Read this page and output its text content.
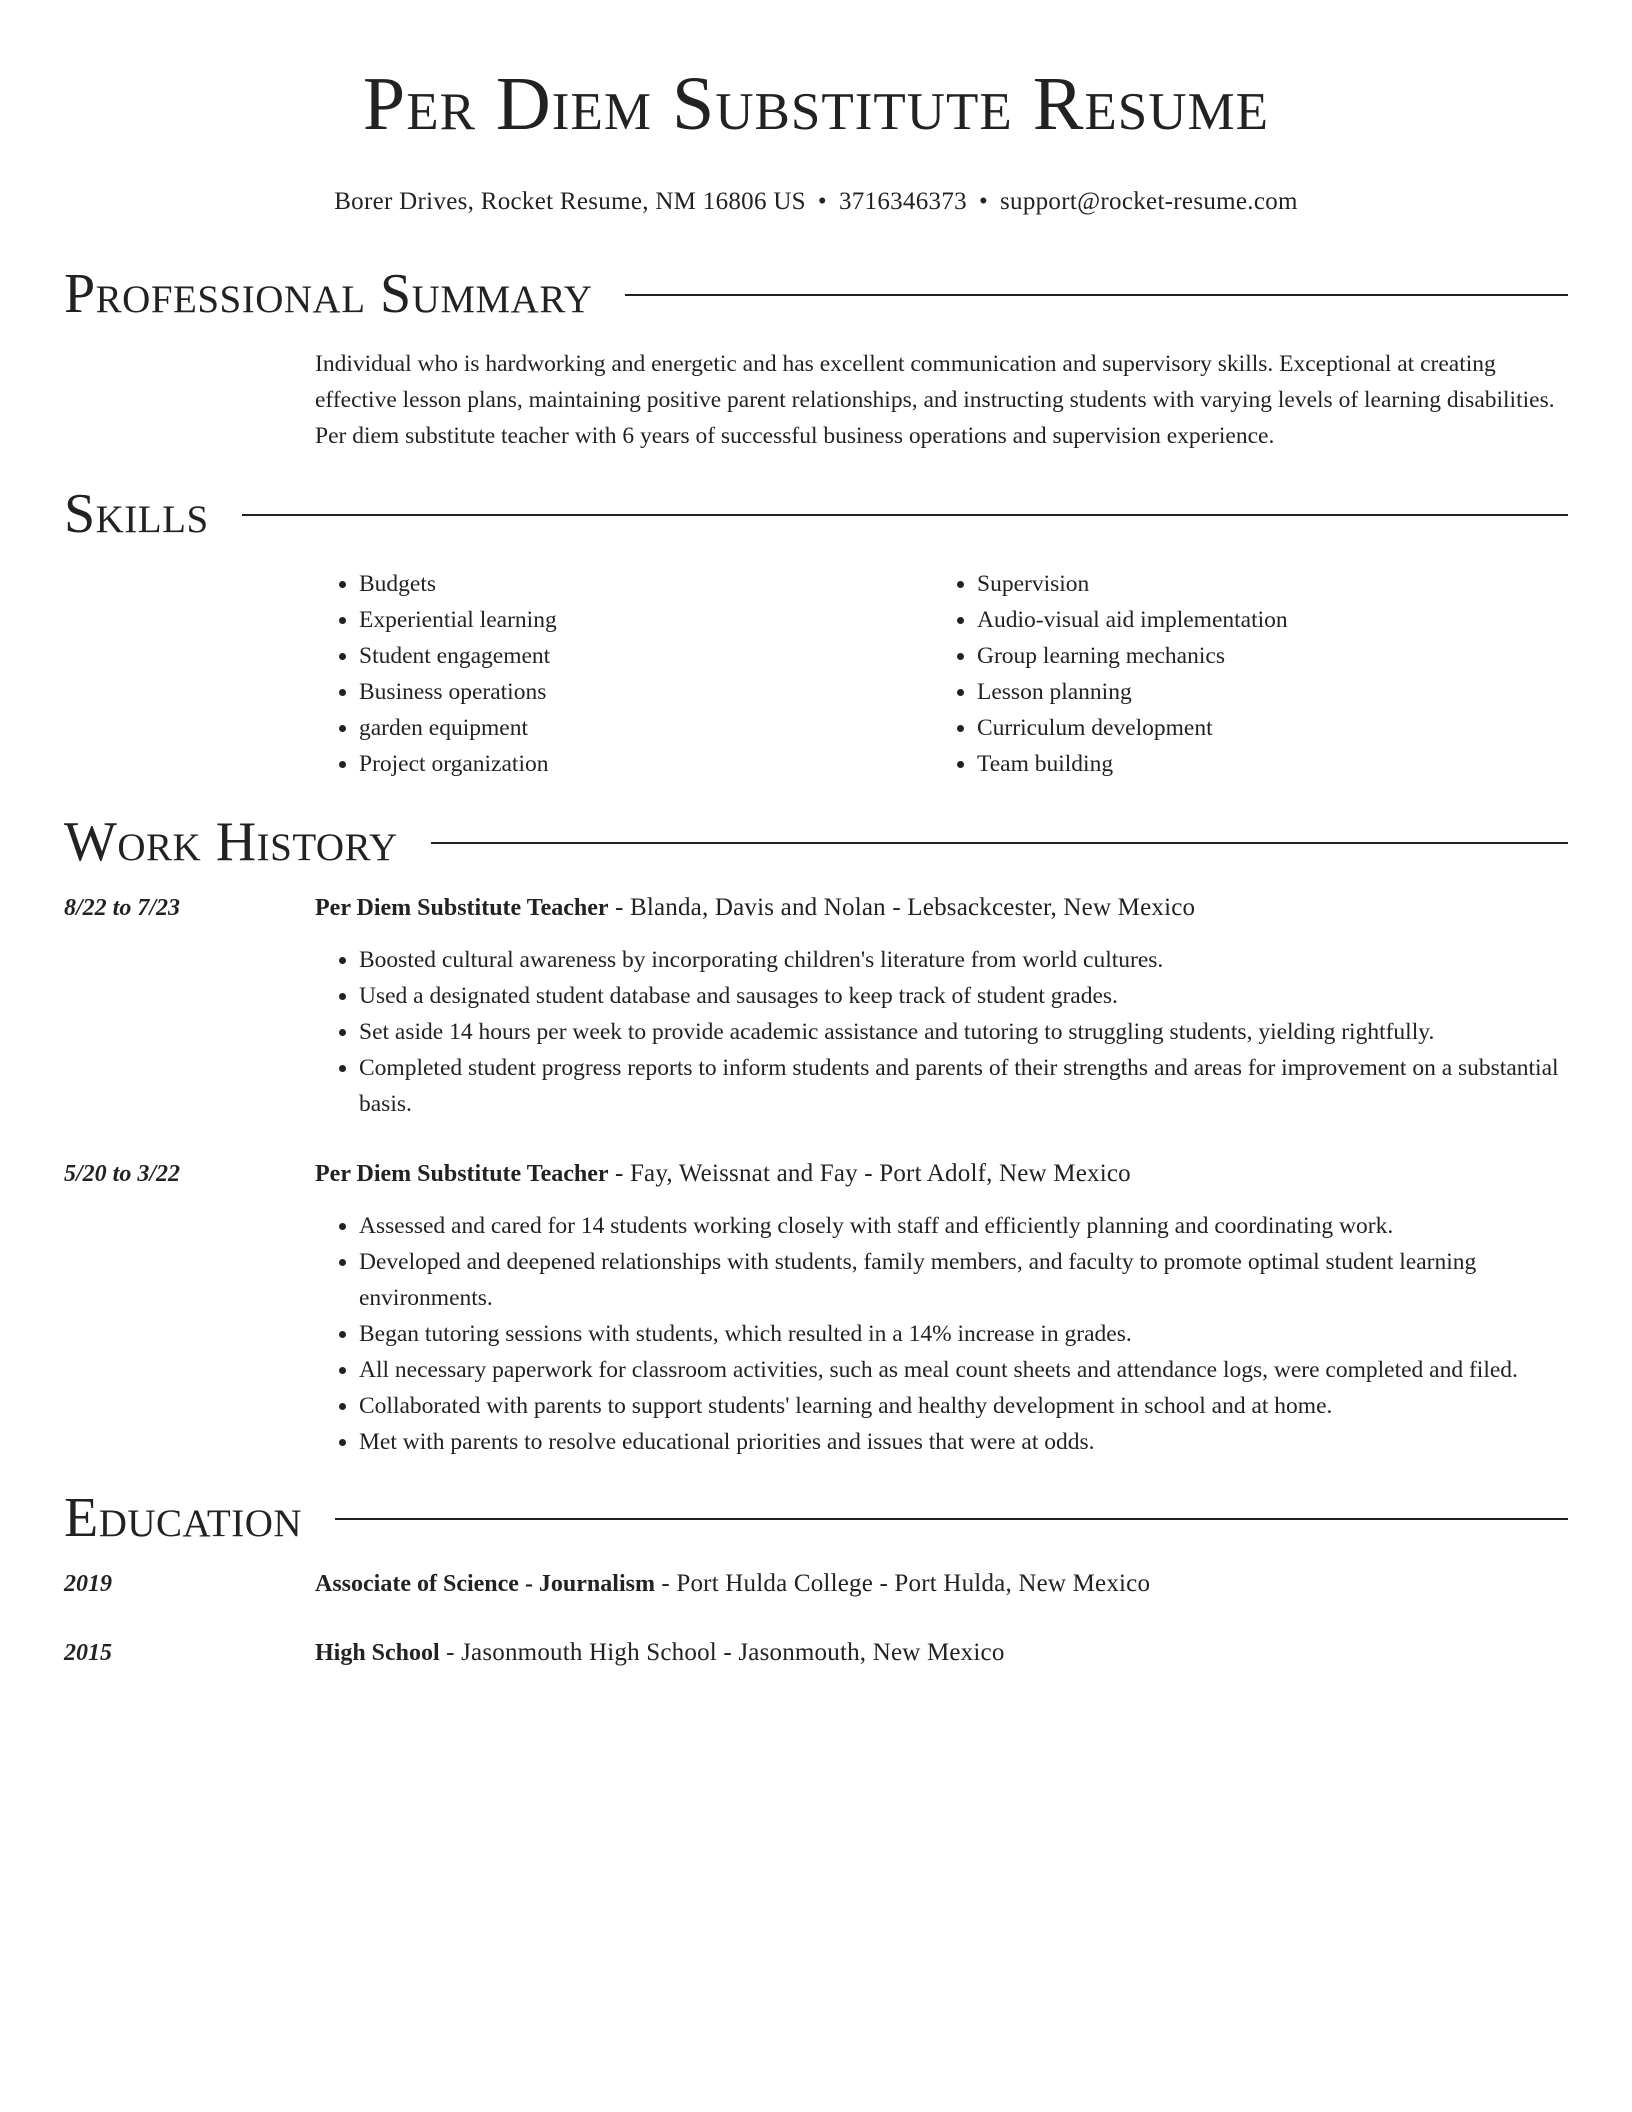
Per Diem Substitute Resume
Borer Drives, Rocket Resume, NM 16806 US • 3716346373 • support@rocket-resume.com
Professional Summary
Individual who is hardworking and energetic and has excellent communication and supervisory skills. Exceptional at creating effective lesson plans, maintaining positive parent relationships, and instructing students with varying levels of learning disabilities. Per diem substitute teacher with 6 years of successful business operations and supervision experience.
Skills
• Budgets
• Experiential learning
• Student engagement
• Business operations
• garden equipment
• Project organization
• Supervision
• Audio-visual aid implementation
• Group learning mechanics
• Lesson planning
• Curriculum development
• Team building
Work History
8/22 to 7/23	Per Diem Substitute Teacher - Blanda, Davis and Nolan - Lebsackcester, New Mexico
• Boosted cultural awareness by incorporating children's literature from world cultures.
• Used a designated student database and sausages to keep track of student grades.
• Set aside 14 hours per week to provide academic assistance and tutoring to struggling students, yielding rightfully.
• Completed student progress reports to inform students and parents of their strengths and areas for improvement on a substantial basis.
5/20 to 3/22	Per Diem Substitute Teacher - Fay, Weissnat and Fay - Port Adolf, New Mexico
• Assessed and cared for 14 students working closely with staff and efficiently planning and coordinating work.
• Developed and deepened relationships with students, family members, and faculty to promote optimal student learning environments.
• Began tutoring sessions with students, which resulted in a 14% increase in grades.
• All necessary paperwork for classroom activities, such as meal count sheets and attendance logs, were completed and filed.
• Collaborated with parents to support students' learning and healthy development in school and at home.
• Met with parents to resolve educational priorities and issues that were at odds.
Education
2019	Associate of Science - Journalism - Port Hulda College - Port Hulda, New Mexico
2015	High School - Jasonmouth High School - Jasonmouth, New Mexico
